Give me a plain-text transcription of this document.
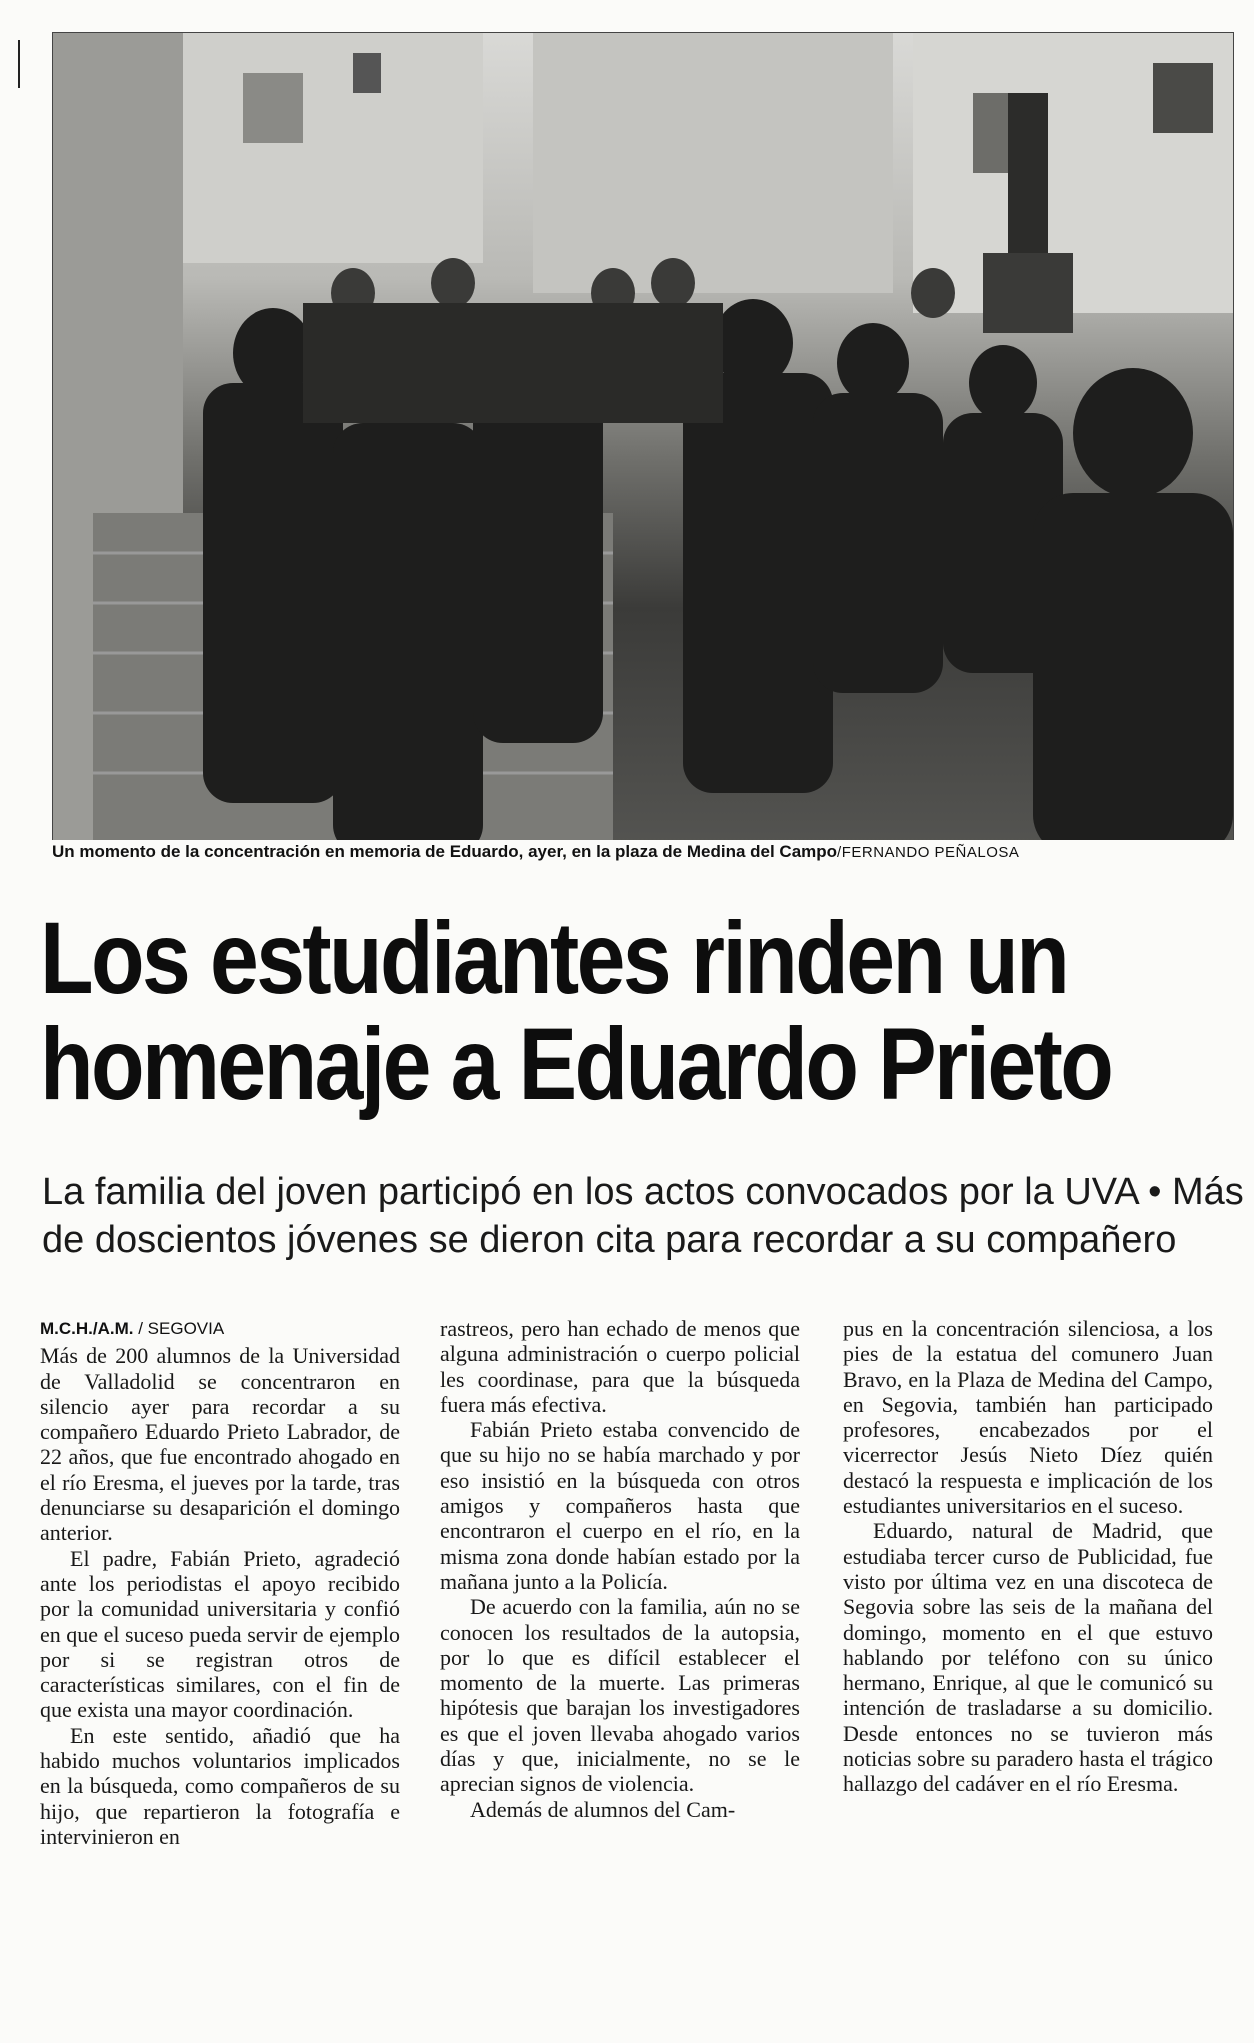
Un momento de la concentración en memoria de Eduardo, ayer, en la plaza de Medina del Campo/FERNANDO PEÑALOSA
Los estudiantes rinden un
homenaje a Eduardo Prieto
La familia del joven participó en los actos convocados por la UVA • Más
de doscientos jóvenes se dieron cita para recordar a su compañero
M.C.H./A.M. / SEGOVIA

Más de 200 alumnos de la Universidad de Valladolid se concentraron en silencio ayer para recordar a su compañero Eduardo Prieto Labrador, de 22 años, que fue encontrado ahogado en el río Eresma, el jueves por la tarde, tras denunciarse su desaparición el domingo anterior.

El padre, Fabián Prieto, agradeció ante los periodistas el apoyo recibido por la comunidad universitaria y confió en que el suceso pueda servir de ejemplo por si se registran otros de características similares, con el fin de que exista una mayor coordinación.

En este sentido, añadió que ha habido muchos voluntarios implicados en la búsqueda, como compañeros de su hijo, que repartieron la fotografía e intervinieron en

rastreos, pero han echado de menos que alguna administración o cuerpo policial les coordinase, para que la búsqueda fuera más efectiva.

Fabián Prieto estaba convencido de que su hijo no se había marchado y por eso insistió en la búsqueda con otros amigos y compañeros hasta que encontraron el cuerpo en el río, en la misma zona donde habían estado por la mañana junto a la Policía.

De acuerdo con la familia, aún no se conocen los resultados de la autopsia, por lo que es difícil establecer el momento de la muerte. Las primeras hipótesis que barajan los investigadores es que el joven llevaba ahogado varios días y que, inicialmente, no se le aprecian signos de violencia.

Además de alumnos del Cam-

pus en la concentración silenciosa, a los pies de la estatua del comunero Juan Bravo, en la Plaza de Medina del Campo, en Segovia, también han participado profesores, encabezados por el vicerrector Jesús Nieto Díez quién destacó la respuesta e implicación de los estudiantes universitarios en el suceso.

Eduardo, natural de Madrid, que estudiaba tercer curso de Publicidad, fue visto por última vez en una discoteca de Segovia sobre las seis de la mañana del domingo, momento en el que estuvo hablando por teléfono con su único hermano, Enrique, al que le comunicó su intención de trasladarse a su domicilio. Desde entonces no se tuvieron más noticias sobre su paradero hasta el trágico hallazgo del cadáver en el río Eresma.
